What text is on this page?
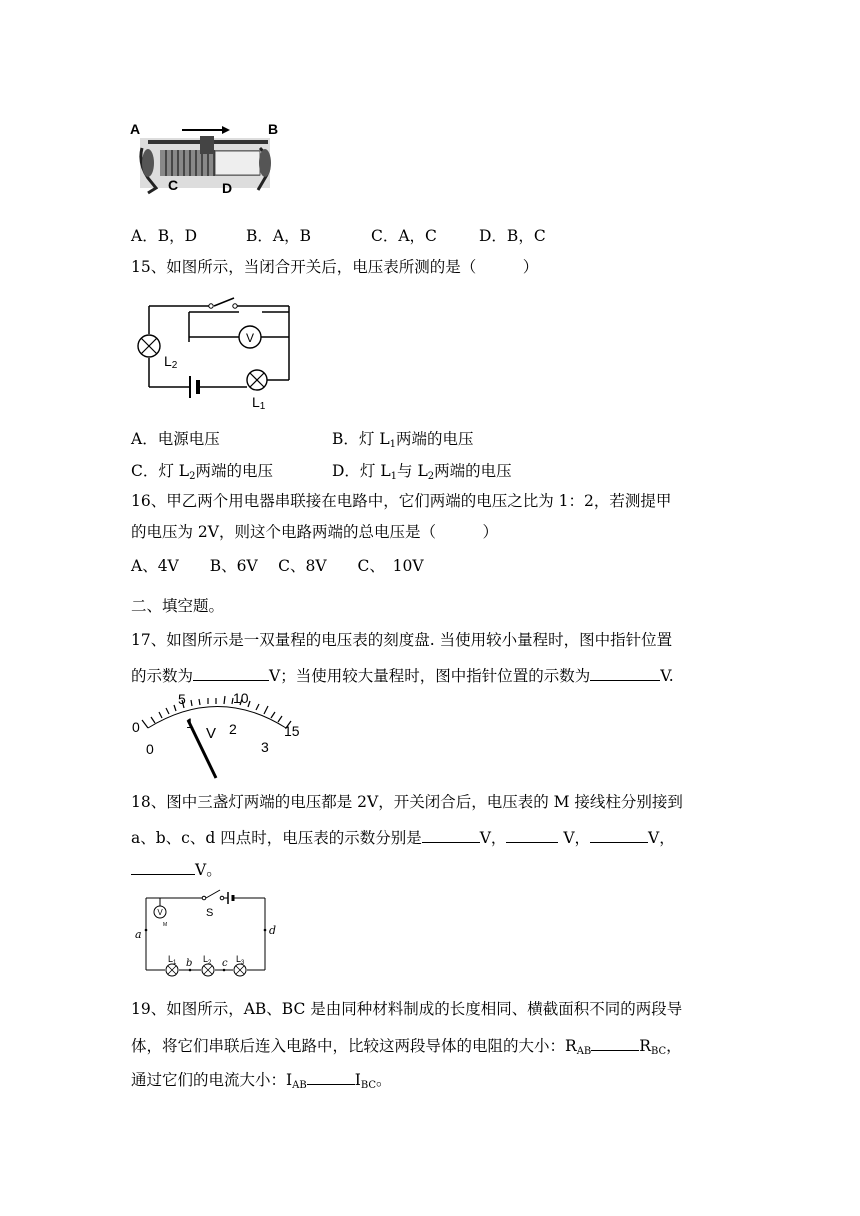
A	B
C	D
A．B，D	B．A，B	C．A，C	D．B，C
15、如图所示，当闭合开关后，电压表所测的是（　　　）
V
L2
L1
A．电源电压	B．灯 $L_1$两端的电压
C．灯 $L_2$两端的电压	D．灯 $L_1$与 $L_2$两端的电压
16、甲乙两个用电器串联接在电路中，它们两端的电压之比为 1：2，若测提甲
的电压为 2V，则这个电路两端的总电压是（　　　）
A、4V　　B、6V　 C、8V　　C、　10V
二、填空题。
17、如图所示是一双量程的电压表的刻度盘. 当使用较小量程时，图中指针位置
的示数为	V；当使用较大量程时，图中指针位置的示数为	V.
0
5	10
15
0
1	2
3
V
18、图中三盏灯两端的电压都是 2V，开关闭合后，电压表的 M 接线柱分别接到
a、b、c、d 四点时，电压表的示数分别是	V，	V，	V，
V。
V
M
$L_1$	$L_2$	$L_3$
S
a	d
b	c
19、如图所示，AB、BC 是由同种材料制成的长度相同、横截面积不同的两段导
体，将它们串联后连入电路中，比较这两段导体的电阻的大小：$R_{AB}$	$R_{BC}$，
通过它们的电流大小：$I_{AB}$	$I_{BC}$。
